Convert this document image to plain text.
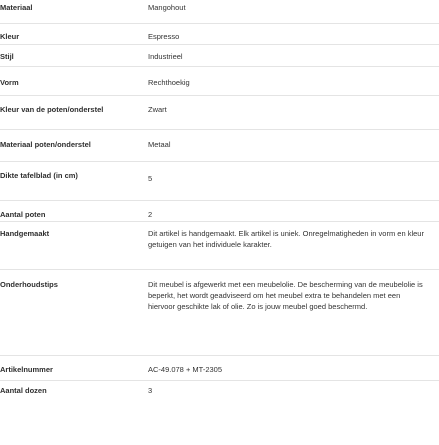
Materiaal	Mangohout
Kleur	Espresso
Stijl	Industrieel
Vorm	Rechthoekig
Kleur van de poten/onderstel	Zwart
Materiaal poten/onderstel	Metaal
Dikte tafelblad (in cm)	5
Aantal poten	2
Handgemaakt	Dit artikel is handgemaakt. Elk artikel is uniek. Onregelmatigheden in vorm en kleur getuigen van het individuele karakter.
Onderhoudstips	Dit meubel is afgewerkt met een meubelolie. De bescherming van de meubelolie is beperkt, het wordt geadviseerd om het meubel extra te behandelen met een hiervoor geschikte lak of olie. Zo is jouw meubel goed beschermd.
Artikelnummer	AC-49.078 + MT-2305
Aantal dozen	3
